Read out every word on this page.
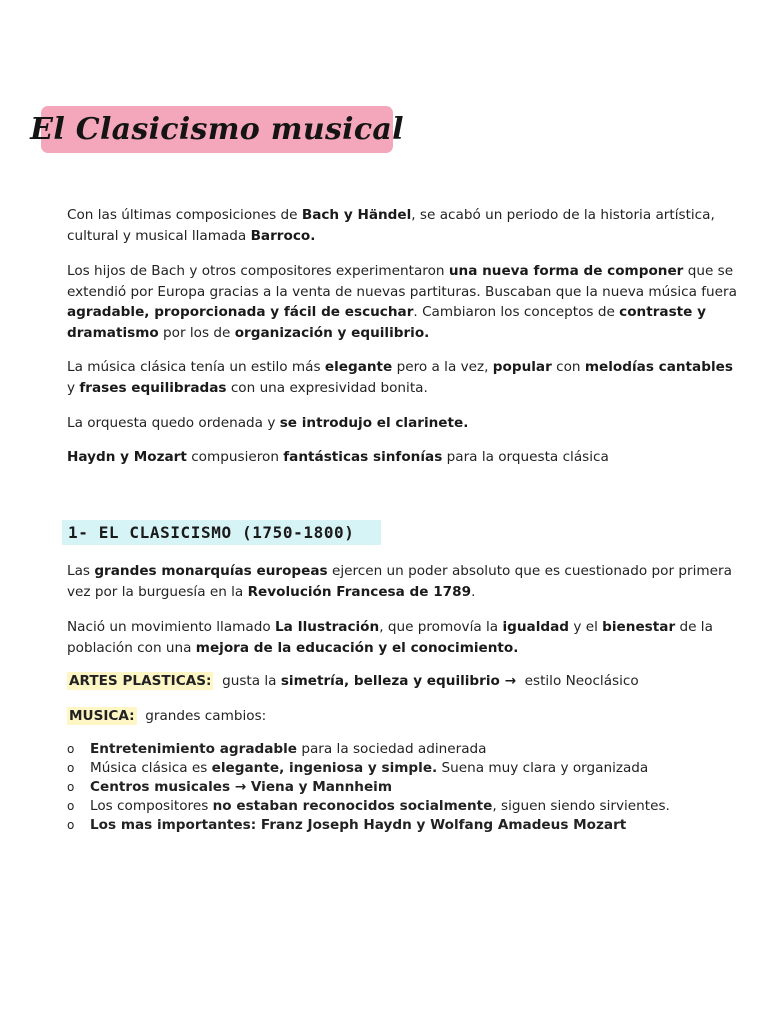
El Clasicismo musical

Con las últimas composiciones de Bach y Händel, se acabó un periodo de la historia artística,  cultural y musical llamada Barroco.

Los hijos de Bach y otros compositores experimentaron una nueva forma de componer que se extendió por Europa gracias a la venta de nuevas partituras. Buscaban que la nueva música fuera agradable, proporcionada y fácil de escuchar. Cambiaron los conceptos de contraste y dramatismo por los de organización y equilibrio.

La música clásica tenía un estilo más elegante pero a la vez, popular con melodías cantables y frases equilibradas con una expresividad bonita.

La orquesta quedo ordenada y se introdujo el clarinete.

Haydn y Mozart compusieron fantásticas sinfonías para la orquesta clásica

1- EL CLASICISMO (1750-1800)

Las grandes monarquías europeas ejercen un poder absoluto que es cuestionado por primera vez por la burguesía en la Revolución Francesa de 1789.

Nació un movimiento llamado La Ilustración, que promovía la igualdad y el bienestar de la población con una mejora de la educación y el conocimiento.

ARTES PLASTICAS:  gusta la simetría, belleza y equilibrio →  estilo Neoclásico

MUSICA:  grandes cambios:

o	Entretenimiento agradable para la sociedad adinerada
o	Música clásica es elegante, ingeniosa y simple. Suena muy clara y organizada
o	Centros musicales → Viena y Mannheim
o	Los compositores no estaban reconocidos socialmente, siguen siendo sirvientes.
o	Los mas importantes: Franz Joseph Haydn y Wolfang Amadeus Mozart
